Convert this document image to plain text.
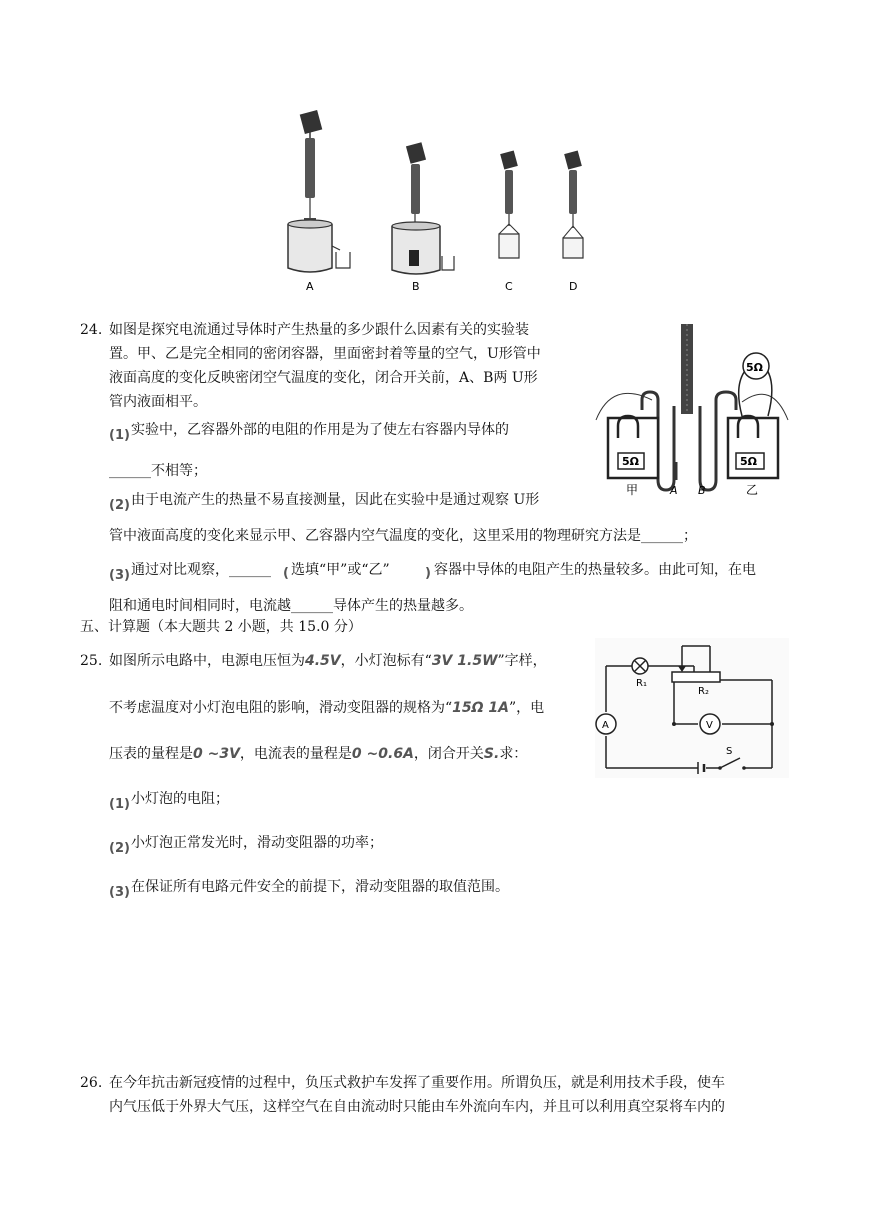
A	B	C	D
24. 如图是探究电流通过导体时产生热量的多少跟什么因素有关的实验装
置。甲、乙是完全相同的密闭容器，里面密封着等量的空气，U形管中
液面高度的变化反映密闭空气温度的变化，闭合开关前，A、B两 U形
管内液面相平。
(1) 实验中，乙容器外部的电阻的作用是为了使左右容器内导体的
______不相等；
(2) 由于电流产生的热量不易直接测量，因此在实验中是通过观察 U形
管中液面高度的变化来显示甲、乙容器内空气温度的变化，这里采用的物理研究方法是______；
(3) 通过对比观察，______ ( 选填“甲”或“乙”	) 容器中导体的电阻产生的热量较多。由此可知，在电
阻和通电时间相同时，电流越______导体产生的热量越多。
5Ω	5Ω
5Ω
甲	A B	乙
五、计算题（本大题共 2 小题，共 15.0 分）
25. 如图所示电路中，电源电压恒为4.5V，小灯泡标有“3V 1.5W”字样，
不考虑温度对小灯泡电阻的影响，滑动变阻器的规格为“15Ω 1A”，电
压表的量程是0 ~3V，电流表的量程是0 ~0.6A，闭合开关S.求：
(1) 小灯泡的电阻；
(2) 小灯泡正常发光时，滑动变阻器的功率；
(3) 在保证所有电路元件安全的前提下，滑动变阻器的取值范围。
R₁
R₂
A	V
S
26. 在今年抗击新冠疫情的过程中，负压式救护车发挥了重要作用。所谓负压，就是利用技术手段，使车
内气压低于外界大气压，这样空气在自由流动时只能由车外流向车内，并且可以利用真空泵将车内的
